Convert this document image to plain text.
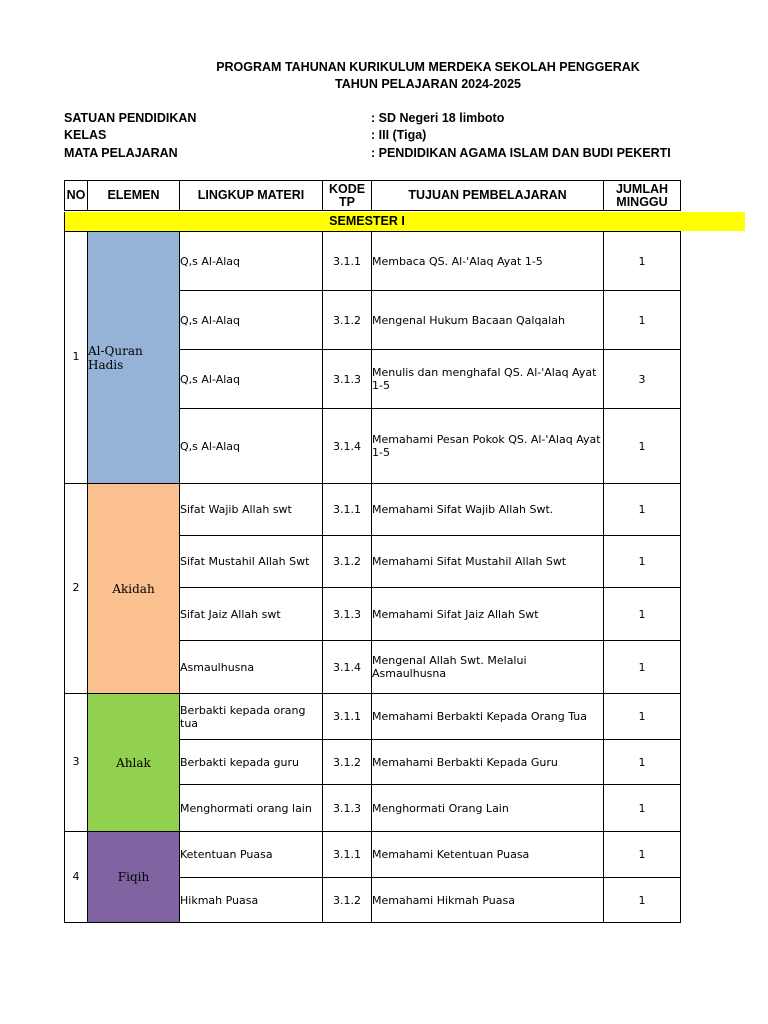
PROGRAM TAHUNAN KURIKULUM MERDEKA SEKOLAH PENGGERAK
TAHUN PELAJARAN 2024-2025
SATUAN PENDIDIKAN	: SD Negeri 18 limboto
KELAS	: III (Tiga)
MATA PELAJARAN	: PENDIDIKAN AGAMA ISLAM DAN BUDI PEKERTI
NO	ELEMEN	LINGKUP MATERI	KODE TP	TUJUAN PEMBELAJARAN	JUMLAH MINGGU
SEMESTER I
Al-Quran Hadis
1
Q,s Al-Alaq	3.1.1	Membaca QS. Al-'Alaq Ayat 1-5	1
Q,s Al-Alaq	3.1.2	Mengenal Hukum Bacaan Qalqalah	1
Q,s Al-Alaq	3.1.3	Menulis dan menghafal QS. Al-'Alaq Ayat 1-5	3
Q,s Al-Alaq	3.1.4	Memahami Pesan Pokok QS. Al-'Alaq Ayat 1-5	1
Akidah
2
Sifat Wajib Allah swt	3.1.1	Memahami Sifat Wajib Allah Swt.	1
Sifat Mustahil Allah Swt	3.1.2	Memahami Sifat Mustahil Allah Swt	1
Sifat Jaiz Allah swt	3.1.3	Memahami Sifat Jaiz Allah Swt	1
Asmaulhusna	3.1.4	Mengenal Allah Swt. Melalui Asmaulhusna	1
Ahlak
3
Berbakti kepada orang tua	3.1.1	Memahami Berbakti Kepada Orang Tua	1
Berbakti kepada guru	3.1.2	Memahami Berbakti Kepada Guru	1
Menghormati orang lain	3.1.3	Menghormati Orang Lain	1
Fiqih
4
Ketentuan Puasa	3.1.1	Memahami Ketentuan Puasa	1
Hikmah Puasa	3.1.2	Memahami Hikmah Puasa	1
